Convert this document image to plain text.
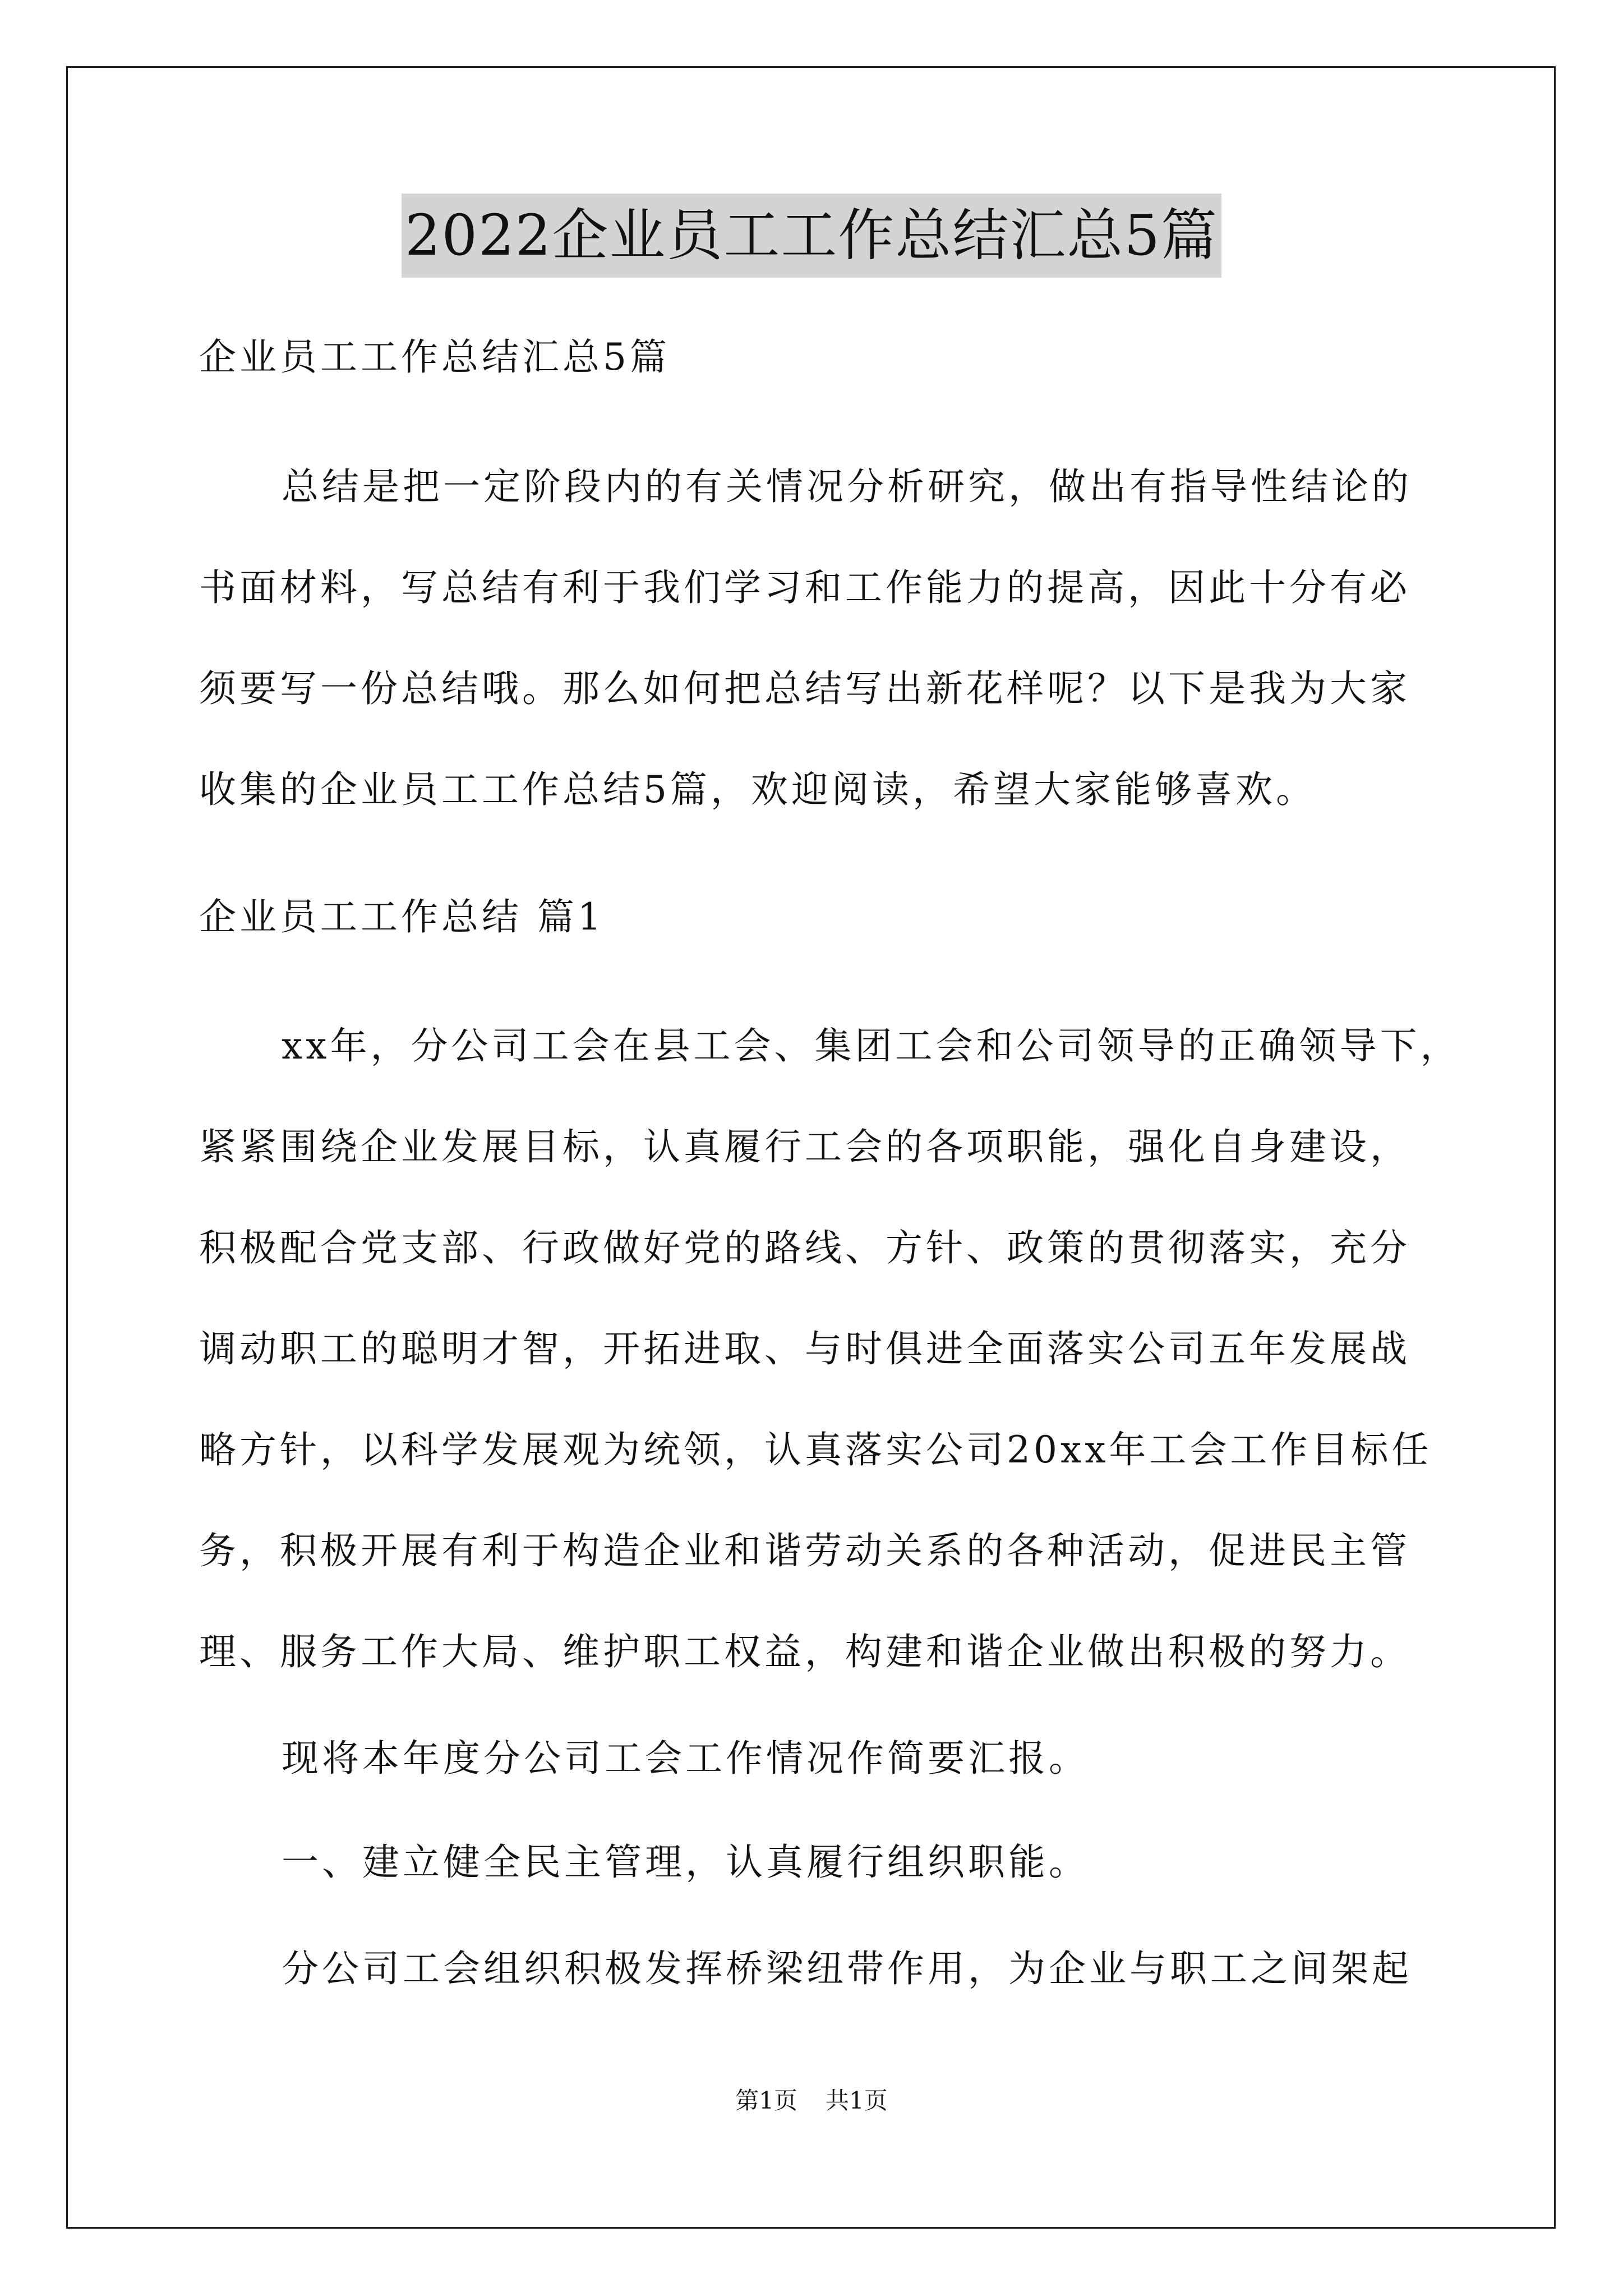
2022企业员工工作总结汇总5篇
企业员工工作总结汇总5篇
总结是把一定阶段内的有关情况分析研究，做出有指导性结论的
书面材料，写总结有利于我们学习和工作能力的提高，因此十分有必
须要写一份总结哦。那么如何把总结写出新花样呢？以下是我为大家
收集的企业员工工作总结5篇，欢迎阅读，希望大家能够喜欢。
企业员工工作总结 篇1
xx年，分公司工会在县工会、集团工会和公司领导的正确领导下，
紧紧围绕企业发展目标，认真履行工会的各项职能，强化自身建设，
积极配合党支部、行政做好党的路线、方针、政策的贯彻落实，充分
调动职工的聪明才智，开拓进取、与时俱进全面落实公司五年发展战
略方针，以科学发展观为统领，认真落实公司20xx年工会工作目标任
务，积极开展有利于构造企业和谐劳动关系的各种活动，促进民主管
理、服务工作大局、维护职工权益，构建和谐企业做出积极的努力。
现将本年度分公司工会工作情况作简要汇报。
一、建立健全民主管理，认真履行组织职能。
分公司工会组织积极发挥桥梁纽带作用，为企业与职工之间架起
第1页 共1页
